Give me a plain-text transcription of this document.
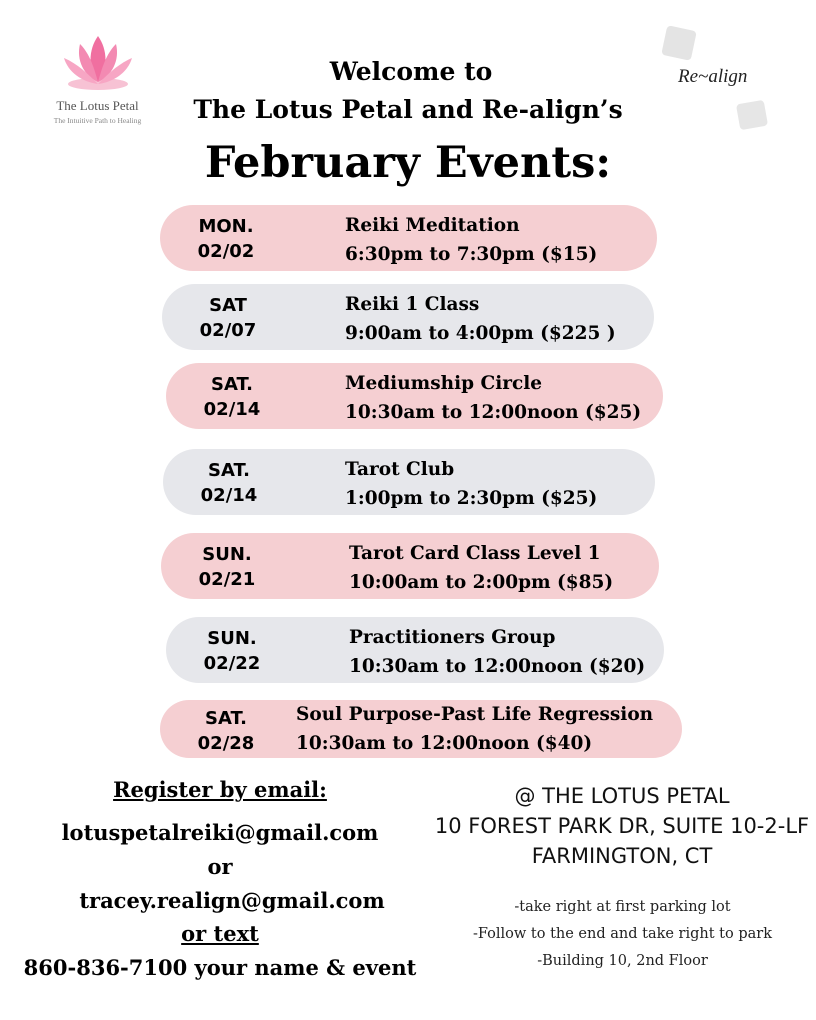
The Lotus Petal
The Intuitive Path to Healing
Re~align
Welcome to
The Lotus Petal and Re-align’s
February Events:
MON.
02/02
Reiki Meditation
6:30pm to 7:30pm ($15)
SAT
02/07
Reiki 1 Class
9:00am to 4:00pm ($225 )
SAT.
02/14
Mediumship Circle
10:30am to 12:00noon ($25)
SAT.
02/14
Tarot Club
1:00pm to 2:30pm ($25)
SUN.
02/21
Tarot Card Class Level 1
10:00am to 2:00pm ($85)
SUN.
02/22
Practitioners Group
10:30am to 12:00noon ($20)
SAT.
02/28
Soul Purpose-Past Life Regression
10:30am to 12:00noon ($40)
Register by email:
lotuspetalreiki@gmail.com
or
tracey.realign@gmail.com
or text
860-836-7100 your name & event
@ THE LOTUS PETAL
10 FOREST PARK DR, SUITE 10-2-LF
FARMINGTON, CT
-take right at first parking lot
-Follow to the end and take right to park
-Building 10, 2nd Floor
